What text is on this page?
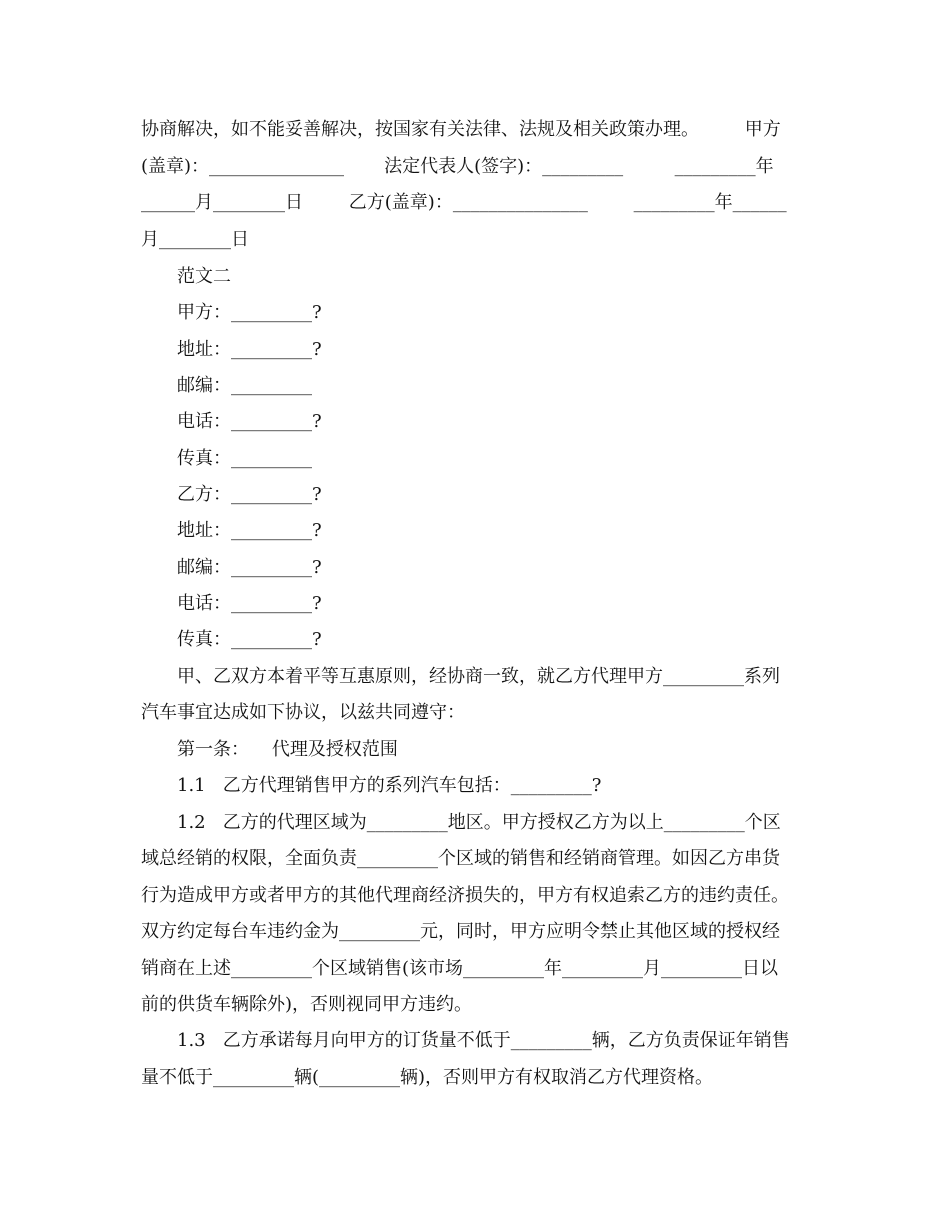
协商解决，如不能妥善解决，按国家有关法律、法规及相关政策办理。        甲方
(盖章)：_______________       法定代表人(签字)：_________         _________年
______月________日        乙方(盖章)：_______________        _________年______
月________日
范文二
甲方：_________?
地址：_________?
邮编：_________
电话：_________?
传真：_________
乙方：_________?
地址：_________?
邮编：_________?
电话：_________?
传真：_________?
甲、乙双方本着平等互惠原则，经协商一致，就乙方代理甲方_________系列
汽车事宜达成如下协议，以兹共同遵守：
第一条：    代理及授权范围
1.1   乙方代理销售甲方的系列汽车包括：_________?
1.2   乙方的代理区域为_________地区。甲方授权乙方为以上_________个区
域总经销的权限，全面负责_________个区域的销售和经销商管理。如因乙方串货
行为造成甲方或者甲方的其他代理商经济损失的，甲方有权追索乙方的违约责任。
双方约定每台车违约金为_________元，同时，甲方应明令禁止其他区域的授权经
销商在上述_________个区域销售(该市场_________年_________月_________日以
前的供货车辆除外)，否则视同甲方违约。
1.3   乙方承诺每月向甲方的订货量不低于_________辆，乙方负责保证年销售
量不低于_________辆(_________辆)，否则甲方有权取消乙方代理资格。
